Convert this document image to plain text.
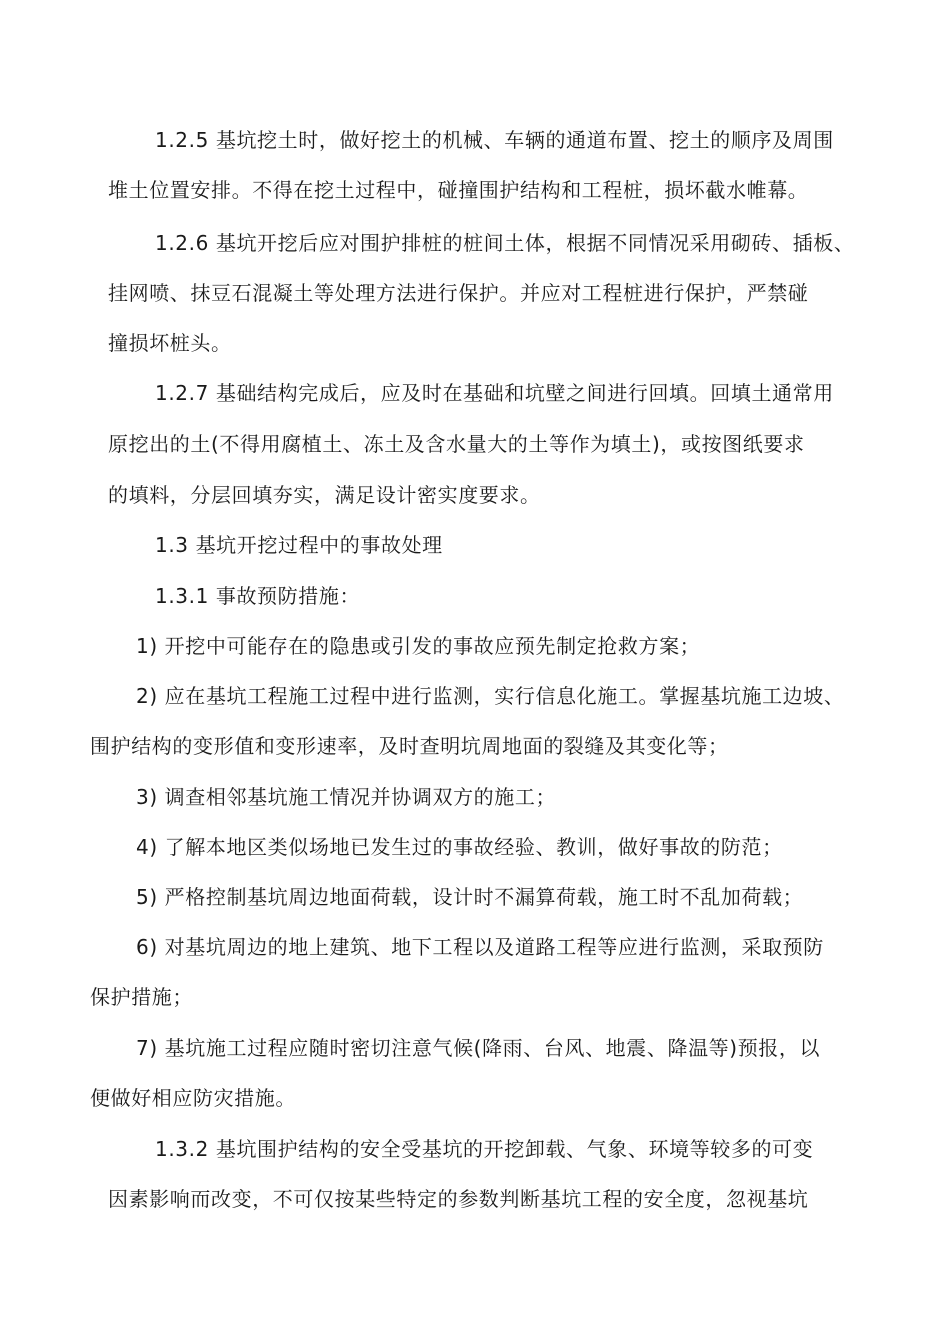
1.2.5 基坑挖土时，做好挖土的机械、车辆的通道布置、挖土的顺序及周围
堆土位置安排。不得在挖土过程中，碰撞围护结构和工程桩，损坏截水帷幕。
1.2.6 基坑开挖后应对围护排桩的桩间土体，根据不同情况采用砌砖、插板、
挂网喷、抹豆石混凝土等处理方法进行保护。并应对工程桩进行保护，严禁碰
撞损坏桩头。
1.2.7 基础结构完成后，应及时在基础和坑壁之间进行回填。回填土通常用
原挖出的土(不得用腐植土、冻土及含水量大的土等作为填土)，或按图纸要求
的填料，分层回填夯实，满足设计密实度要求。
1.3 基坑开挖过程中的事故处理
1.3.1 事故预防措施：
1) 开挖中可能存在的隐患或引发的事故应预先制定抢救方案；
2) 应在基坑工程施工过程中进行监测，实行信息化施工。掌握基坑施工边坡、
围护结构的变形值和变形速率，及时查明坑周地面的裂缝及其变化等；
3) 调查相邻基坑施工情况并协调双方的施工；
4) 了解本地区类似场地已发生过的事故经验、教训，做好事故的防范；
5) 严格控制基坑周边地面荷载，设计时不漏算荷载，施工时不乱加荷载；
6) 对基坑周边的地上建筑、地下工程以及道路工程等应进行监测，采取预防
保护措施；
7) 基坑施工过程应随时密切注意气候(降雨、台风、地震、降温等)预报，以
便做好相应防灾措施。
1.3.2 基坑围护结构的安全受基坑的开挖卸载、气象、环境等较多的可变
因素影响而改变，不可仅按某些特定的参数判断基坑工程的安全度，忽视基坑
